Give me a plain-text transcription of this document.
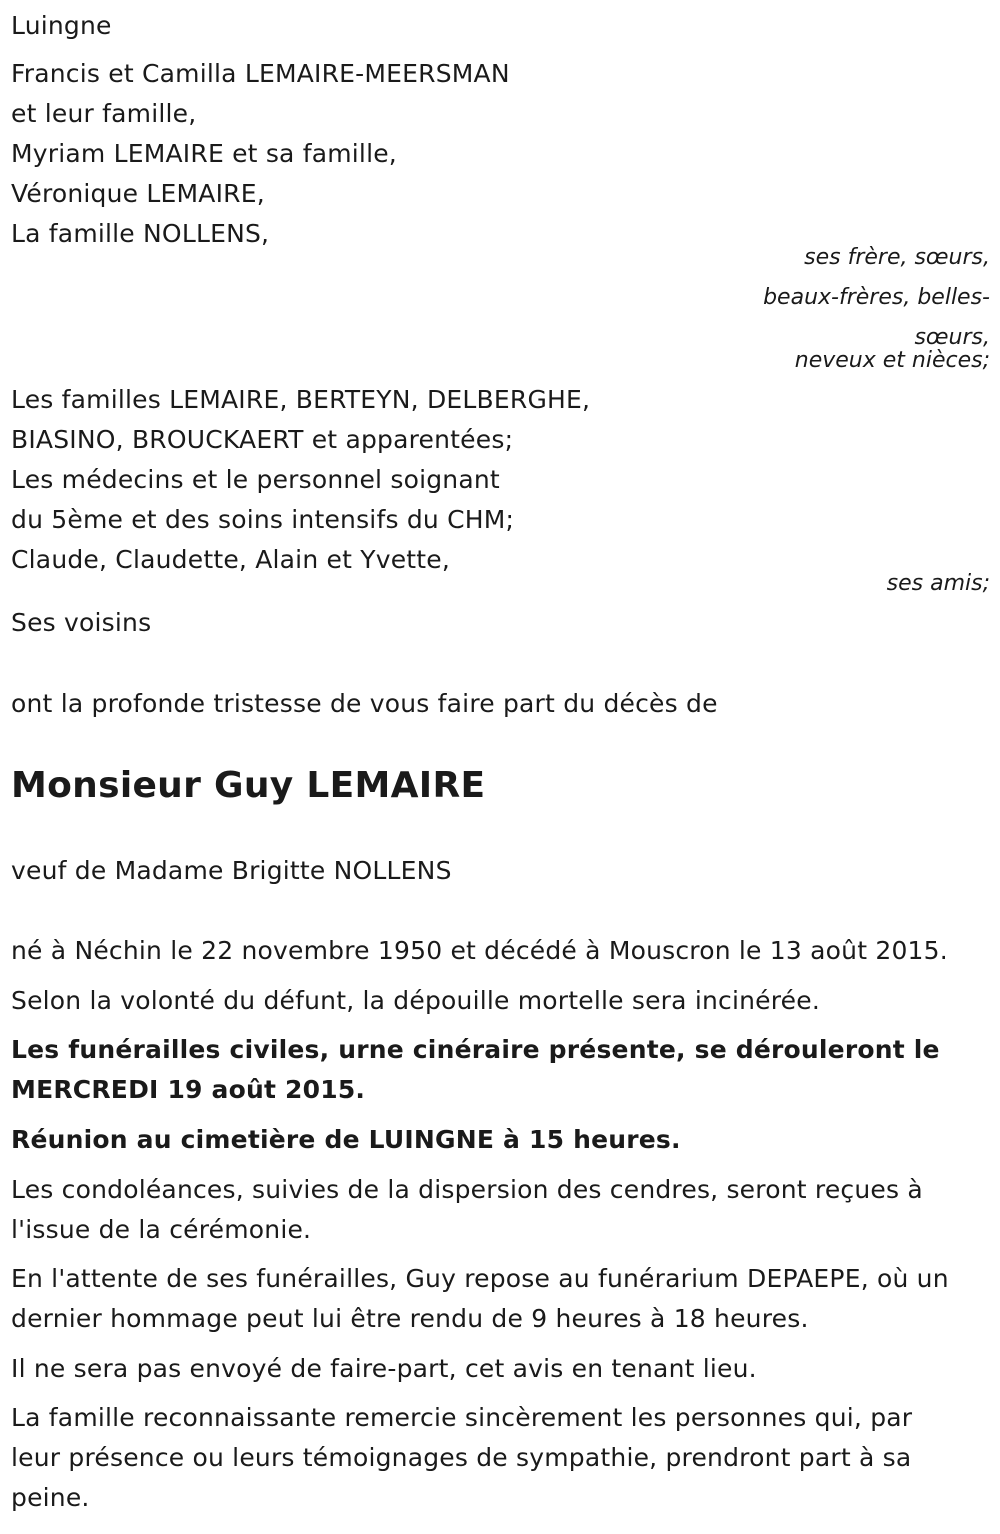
Luingne

Francis et Camilla LEMAIRE-MEERSMAN

et leur famille,

Myriam LEMAIRE et sa famille,

Véronique LEMAIRE,

La famille NOLLENS,

ses frère, sœurs,

beaux-frères, belles-

sœurs,

neveux et nièces;

Les familles LEMAIRE, BERTEYN, DELBERGHE,

BIASINO, BROUCKAERT et apparentées;

Les médecins et le personnel soignant

du 5ème et des soins intensifs du CHM;

Claude, Claudette, Alain et Yvette,

ses amis;

Ses voisins

ont la profonde tristesse de vous faire part du décès de

Monsieur Guy LEMAIRE

veuf de Madame Brigitte NOLLENS

né à Néchin le 22 novembre 1950 et décédé à Mouscron le 13 août 2015.

Selon la volonté du défunt, la dépouille mortelle sera incinérée.

Les funérailles civiles, urne cinéraire présente, se dérouleront le

MERCREDI 19 août 2015.

Réunion au cimetière de LUINGNE à 15 heures.

Les condoléances, suivies de la dispersion des cendres, seront reçues à

l'issue de la cérémonie.

En l'attente de ses funérailles, Guy repose au funérarium DEPAEPE, où un

dernier hommage peut lui être rendu de 9 heures à 18 heures.

Il ne sera pas envoyé de faire-part, cet avis en tenant lieu.

La famille reconnaissante remercie sincèrement les personnes qui, par

leur présence ou leurs témoignages de sympathie, prendront part à sa

peine.
